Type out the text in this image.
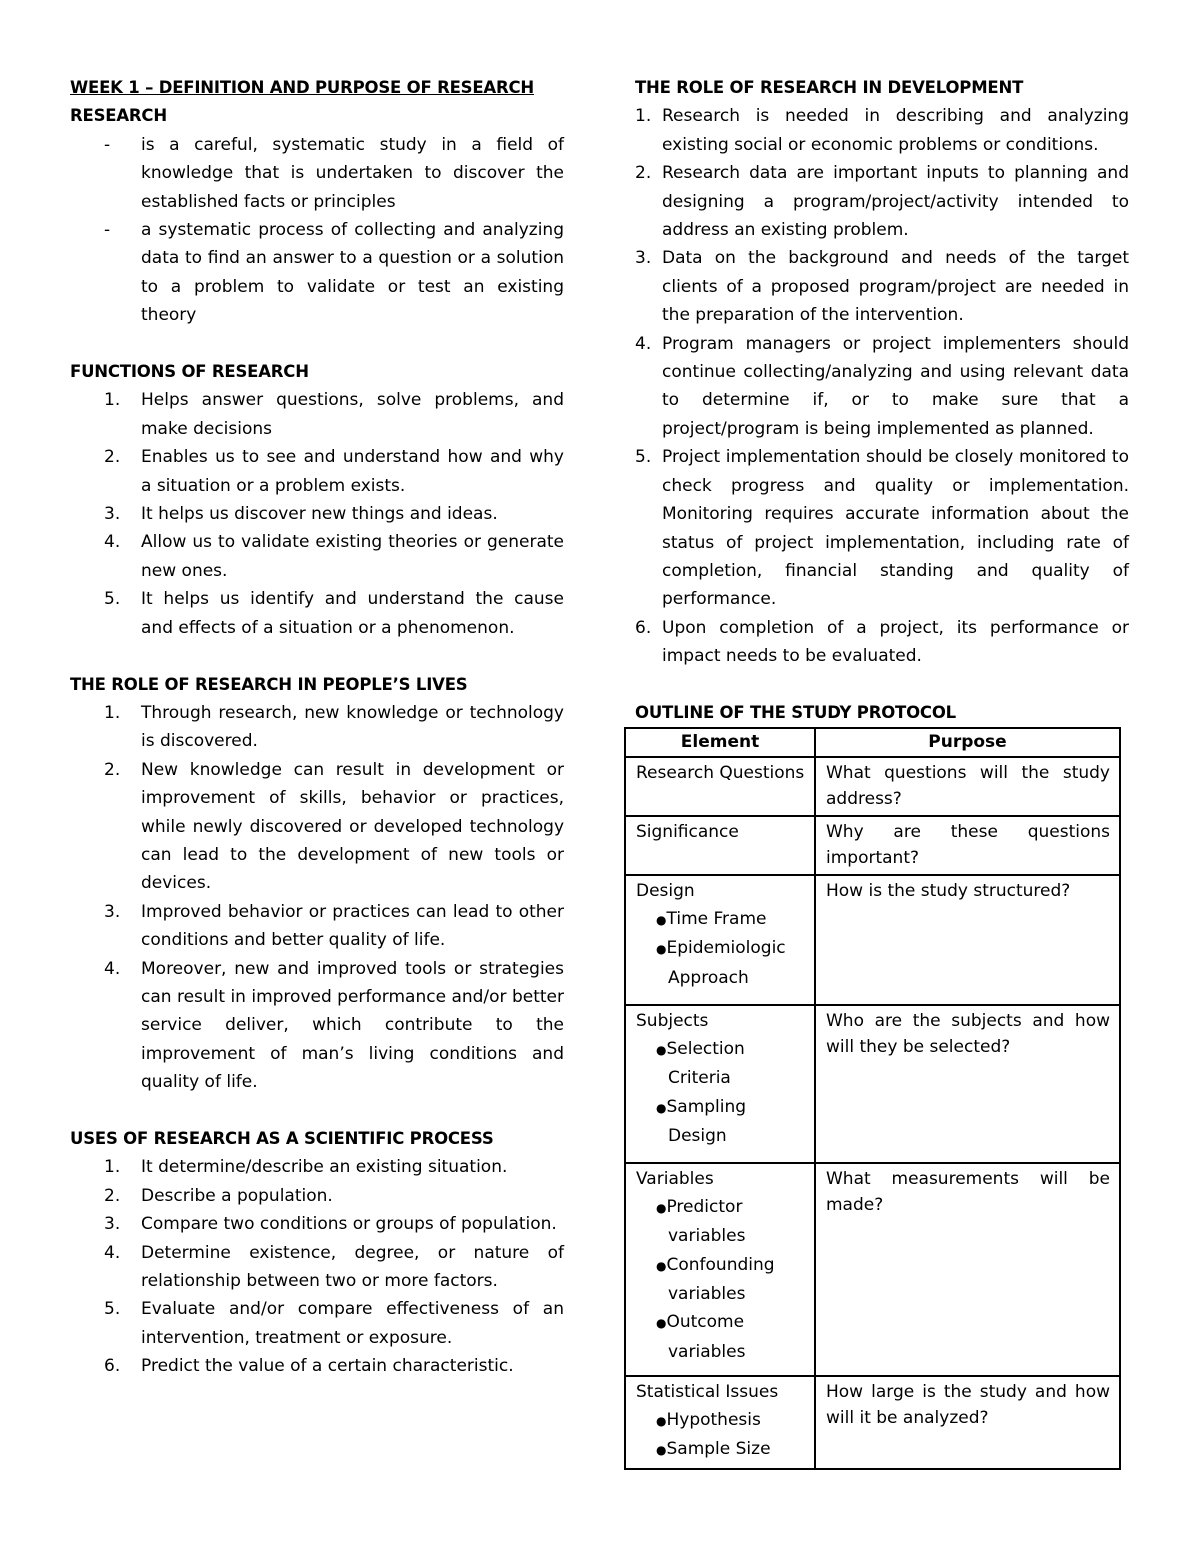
WEEK 1 – DEFINITION AND PURPOSE OF RESEARCH
RESEARCH
- is a careful, systematic study in a field of knowledge that is undertaken to discover the established facts or principles
- a systematic process of collecting and analyzing data to find an answer to a question or a solution to a problem to validate or test an existing theory
FUNCTIONS OF RESEARCH
1. Helps answer questions, solve problems, and make decisions
2. Enables us to see and understand how and why a situation or a problem exists.
3. It helps us discover new things and ideas.
4. Allow us to validate existing theories or generate new ones.
5. It helps us identify and understand the cause and effects of a situation or a phenomenon.
THE ROLE OF RESEARCH IN PEOPLE’S LIVES
1. Through research, new knowledge or technology is discovered.
2. New knowledge can result in development or improvement of skills, behavior or practices, while newly discovered or developed technology can lead to the development of new tools or devices.
3. Improved behavior or practices can lead to other conditions and better quality of life.
4. Moreover, new and improved tools or strategies can result in improved performance and/or better service deliver, which contribute to the improvement of man’s living conditions and quality of life.
USES OF RESEARCH AS A SCIENTIFIC PROCESS
1. It determine/describe an existing situation.
2. Describe a population.
3. Compare two conditions or groups of population.
4. Determine existence, degree, or nature of relationship between two or more factors.
5. Evaluate and/or compare effectiveness of an intervention, treatment or exposure.
6. Predict the value of a certain characteristic.
THE ROLE OF RESEARCH IN DEVELOPMENT
1. Research is needed in describing and analyzing existing social or economic problems or conditions.
2. Research data are important inputs to planning and designing a program/project/activity intended to address an existing problem.
3. Data on the background and needs of the target clients of a proposed program/project are needed in the preparation of the intervention.
4. Program managers or project implementers should continue collecting/analyzing and using relevant data to determine if, or to make sure that a project/program is being implemented as planned.
5. Project implementation should be closely monitored to check progress and quality or implementation. Monitoring requires accurate information about the status of project implementation, including rate of completion, financial standing and quality of performance.
6. Upon completion of a project, its performance or impact needs to be evaluated.
OUTLINE OF THE STUDY PROTOCOL
Element	Purpose
Research Questions	What questions will the study address?
Significance	Why are these questions important?
Design
●Time Frame
●Epidemiologic Approach	How is the study structured?
Subjects
●Selection Criteria
●Sampling Design	Who are the subjects and how will they be selected?
Variables
●Predictor variables
●Confounding variables
●Outcome variables	What measurements will be made?
Statistical Issues
●Hypothesis
●Sample Size	How large is the study and how will it be analyzed?
